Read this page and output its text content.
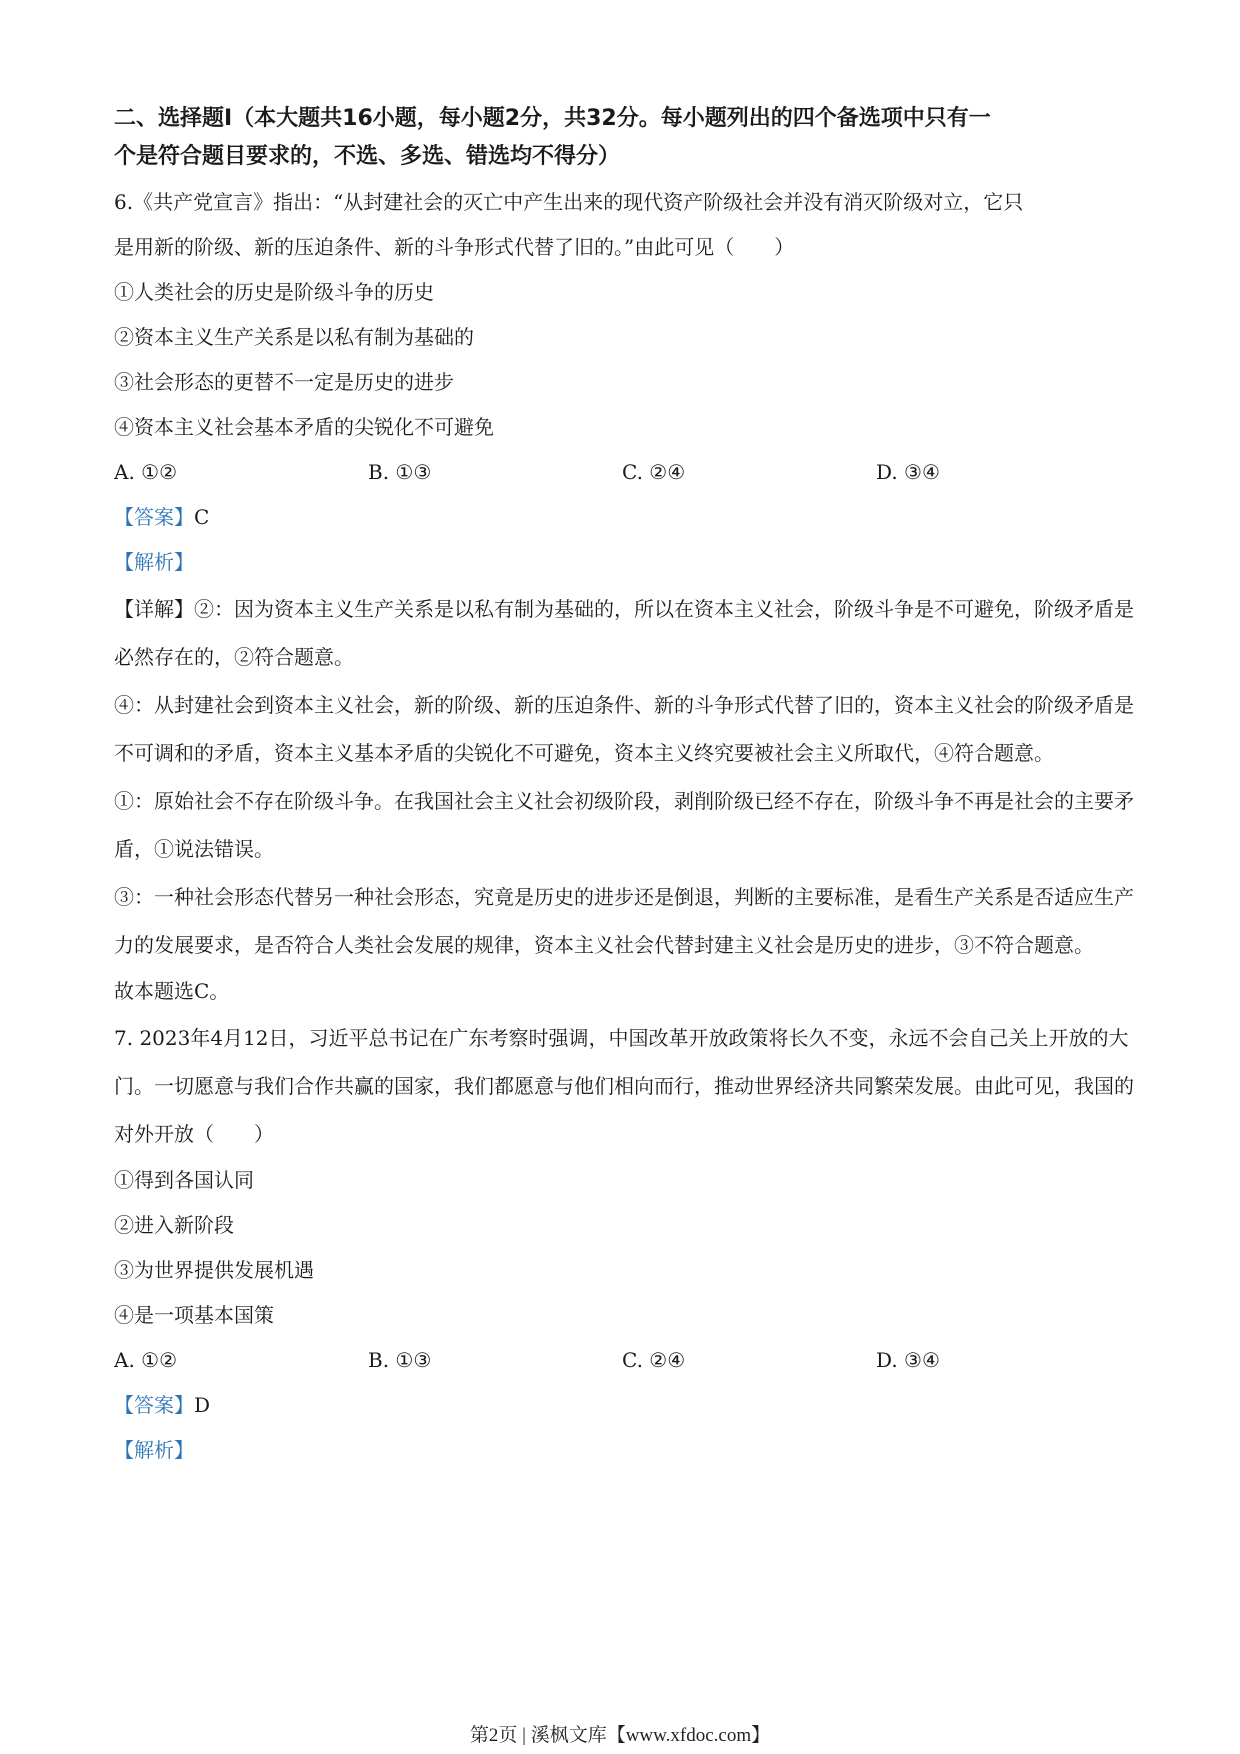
二、选择题Ⅰ（本大题共16小题，每小题2分，共32分。每小题列出的四个备选项中只有一
个是符合题目要求的，不选、多选、错选均不得分）
6.《共产党宣言》指出：“从封建社会的灭亡中产生出来的现代资产阶级社会并没有消灭阶级对立，它只
是用新的阶级、新的压迫条件、新的斗争形式代替了旧的。”由此可见（　　）
①人类社会的历史是阶级斗争的历史
②资本主义生产关系是以私有制为基础的
③社会形态的更替不一定是历史的进步
④资本主义社会基本矛盾的尖锐化不可避免
A. ①②	B. ①③	C. ②④	D. ③④
【答案】C
【解析】
【详解】②：因为资本主义生产关系是以私有制为基础的，所以在资本主义社会，阶级斗争是不可避免，阶级矛盾是必然存在的，②符合题意。
④：从封建社会到资本主义社会，新的阶级、新的压迫条件、新的斗争形式代替了旧的，资本主义社会的阶级矛盾是不可调和的矛盾，资本主义基本矛盾的尖锐化不可避免，资本主义终究要被社会主义所取代，④符合题意。
①：原始社会不存在阶级斗争。在我国社会主义社会初级阶段，剥削阶级已经不存在，阶级斗争不再是社会的主要矛盾，①说法错误。
③：一种社会形态代替另一种社会形态，究竟是历史的进步还是倒退，判断的主要标准，是看生产关系是否适应生产力的发展要求，是否符合人类社会发展的规律，资本主义社会代替封建主义社会是历史的进步，③不符合题意。
故本题选C。
7. 2023年4月12日，习近平总书记在广东考察时强调，中国改革开放政策将长久不变，永远不会自己关上开放的大门。一切愿意与我们合作共赢的国家，我们都愿意与他们相向而行，推动世界经济共同繁荣发展。由此可见，我国的对外开放（　　）
①得到各国认同
②进入新阶段
③为世界提供发展机遇
④是一项基本国策
A. ①②	B. ①③	C. ②④	D. ③④
【答案】D
【解析】
第2页 | 溪枫文库【www.xfdoc.com】
